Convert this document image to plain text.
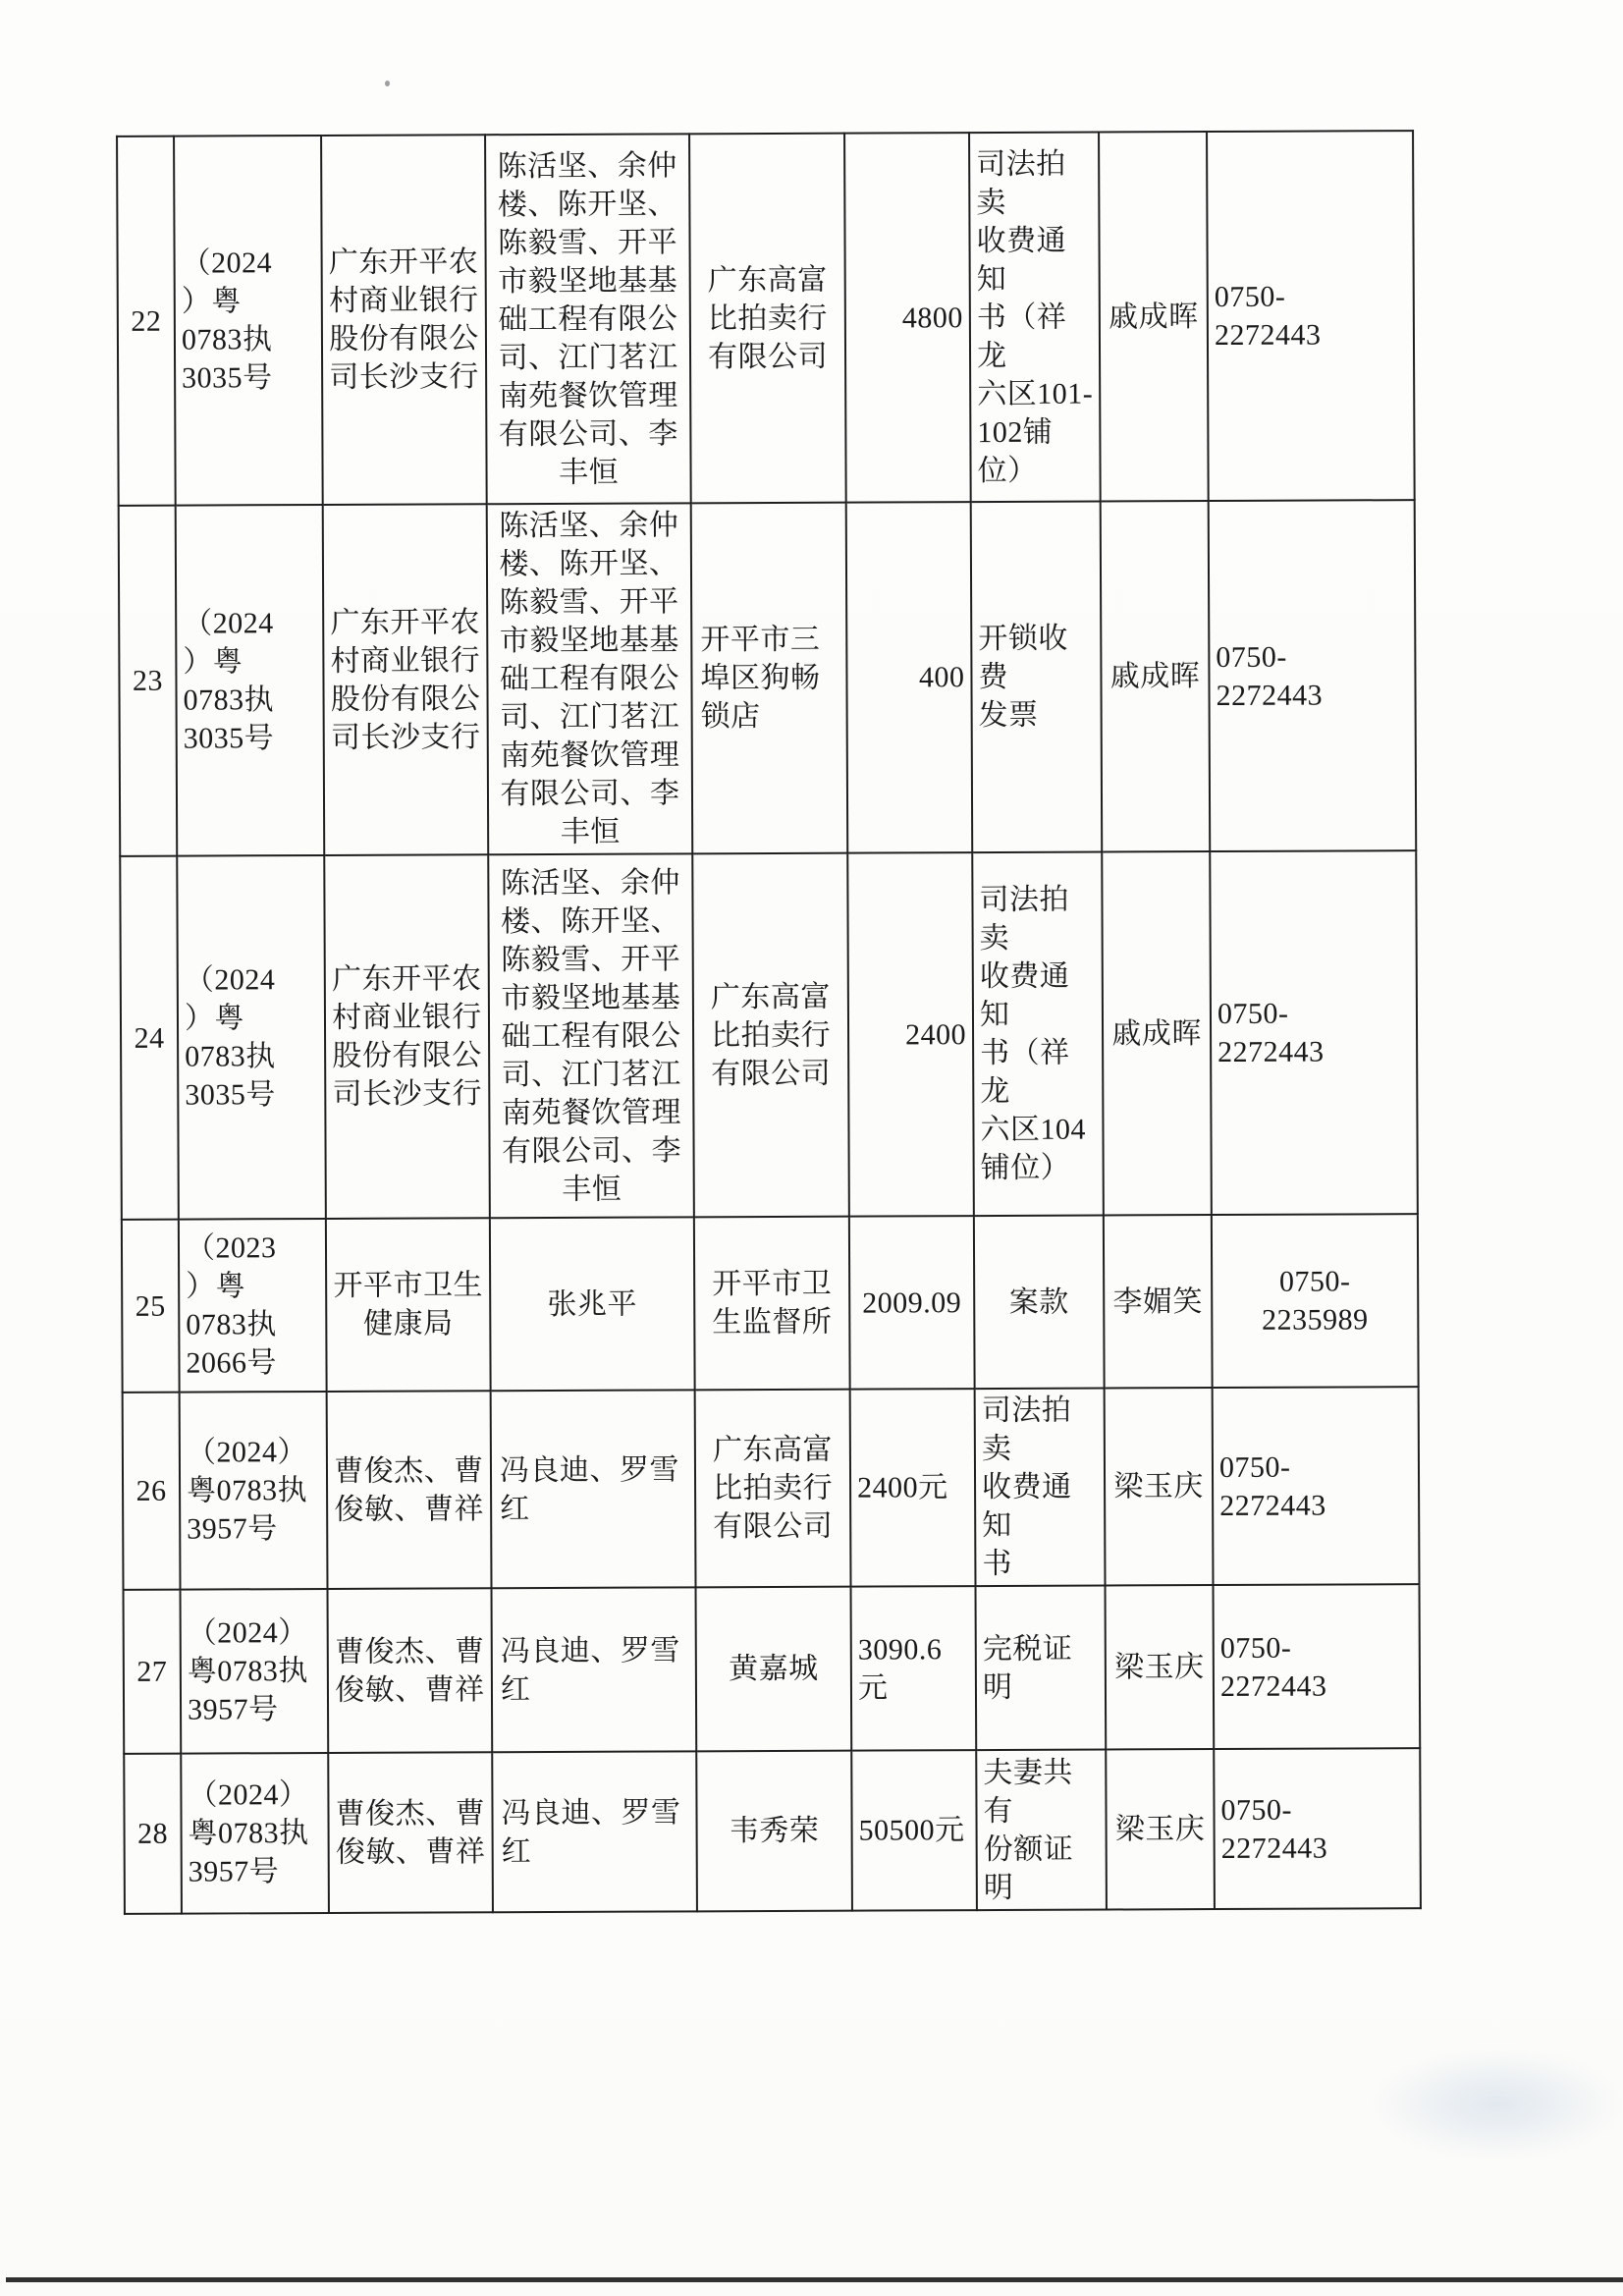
22	（2024
）粤
0783执
3035号	广东开平农
村商业银行
股份有限公
司长沙支行	陈活坚、余仲
楼、陈开坚、
陈毅雪、开平
市毅坚地基基
础工程有限公
司、江门茗江
南苑餐饮管理
有限公司、李
丰恒	广东高富
比拍卖行
有限公司	4800	司法拍卖
收费通知
书（祥龙
六区101-
102铺
位）	戚成晖	0750-
2272443
23	（2024
）粤
0783执
3035号	广东开平农
村商业银行
股份有限公
司长沙支行	陈活坚、余仲
楼、陈开坚、
陈毅雪、开平
市毅坚地基基
础工程有限公
司、江门茗江
南苑餐饮管理
有限公司、李
丰恒	开平市三
埠区狗畅
锁店	400	开锁收费
发票	戚成晖	0750-
2272443
24	（2024
）粤
0783执
3035号	广东开平农
村商业银行
股份有限公
司长沙支行	陈活坚、余仲
楼、陈开坚、
陈毅雪、开平
市毅坚地基基
础工程有限公
司、江门茗江
南苑餐饮管理
有限公司、李
丰恒	广东高富
比拍卖行
有限公司	2400	司法拍卖
收费通知
书（祥龙
六区104
铺位）	戚成晖	0750-
2272443
25	（2023
）粤
0783执
2066号	开平市卫生
健康局	张兆平	开平市卫
生监督所	2009.09	案款	李媚笑	0750-
2235989
26	（2024）
粤0783执
3957号	曹俊杰、曹
俊敏、曹祥	冯良迪、罗雪
红	广东高富
比拍卖行
有限公司	2400元	司法拍卖
收费通知
书	梁玉庆	0750-
2272443
27	（2024）
粤0783执
3957号	曹俊杰、曹
俊敏、曹祥	冯良迪、罗雪
红	黄嘉城	3090.6元	完税证明	梁玉庆	0750-
2272443
28	（2024）
粤0783执
3957号	曹俊杰、曹
俊敏、曹祥	冯良迪、罗雪
红	韦秀荣	50500元	夫妻共有
份额证明	梁玉庆	0750-
2272443
